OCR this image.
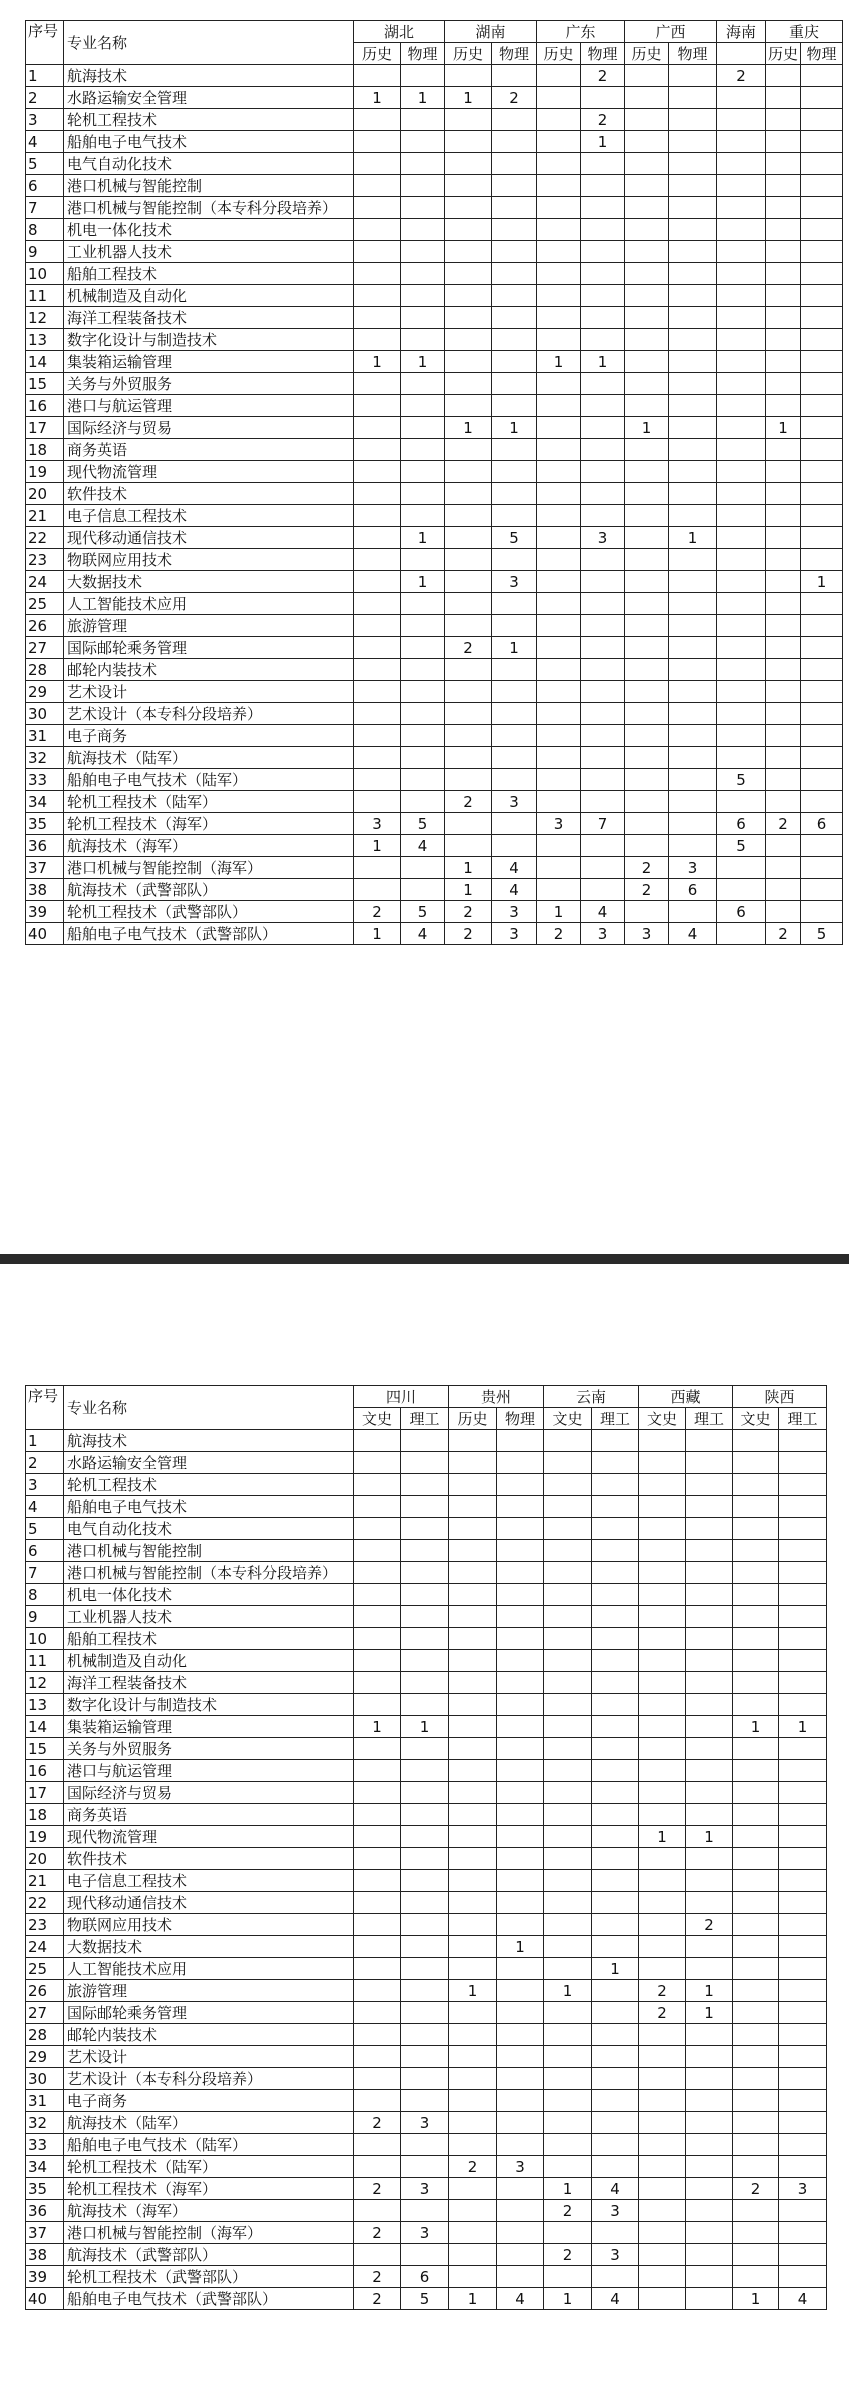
序号	专业名称	湖北		湖南		广东		广西		海南	重庆	
		历史	物理	历史	物理	历史	物理	历史	物理		历史	物理
1	航海技术						2			2		
2	水路运输安全管理	1	1	1	2							
3	轮机工程技术						2					
4	船舶电子电气技术						1					
5	电气自动化技术											
6	港口机械与智能控制											
7	港口机械与智能控制（本专科分段培养）											
8	机电一体化技术											
9	工业机器人技术											
10	船舶工程技术											
11	机械制造及自动化											
12	海洋工程装备技术											
13	数字化设计与制造技术											
14	集装箱运输管理	1	1			1	1					
15	关务与外贸服务											
16	港口与航运管理											
17	国际经济与贸易			1	1			1			1	
18	商务英语											
19	现代物流管理											
20	软件技术											
21	电子信息工程技术											
22	现代移动通信技术		1		5		3		1			
23	物联网应用技术											
24	大数据技术		1		3							1
25	人工智能技术应用											
26	旅游管理											
27	国际邮轮乘务管理			2	1							
28	邮轮内装技术											
29	艺术设计											
30	艺术设计（本专科分段培养）											
31	电子商务											
32	航海技术（陆军）											
33	船舶电子电气技术（陆军）									5		
34	轮机工程技术（陆军）			2	3							
35	轮机工程技术（海军）	3	5			3	7			6	2	6
36	航海技术（海军）	1	4							5		
37	港口机械与智能控制（海军）			1	4			2	3			
38	航海技术（武警部队）			1	4			2	6			
39	轮机工程技术（武警部队）	2	5	2	3	1	4			6		
40	船舶电子电气技术（武警部队）	1	4	2	3	2	3	3	4		2	5
序号	专业名称	四川		贵州		云南		西藏		陕西	
		文史	理工	历史	物理	文史	理工	文史	理工	文史	理工
1	航海技术										
2	水路运输安全管理										
3	轮机工程技术										
4	船舶电子电气技术										
5	电气自动化技术										
6	港口机械与智能控制										
7	港口机械与智能控制（本专科分段培养）										
8	机电一体化技术										
9	工业机器人技术										
10	船舶工程技术										
11	机械制造及自动化										
12	海洋工程装备技术										
13	数字化设计与制造技术										
14	集装箱运输管理	1	1							1	1
15	关务与外贸服务										
16	港口与航运管理										
17	国际经济与贸易										
18	商务英语										
19	现代物流管理							1	1		
20	软件技术										
21	电子信息工程技术										
22	现代移动通信技术										
23	物联网应用技术								2		
24	大数据技术				1						
25	人工智能技术应用						1				
26	旅游管理			1		1		2	1		
27	国际邮轮乘务管理							2	1		
28	邮轮内装技术										
29	艺术设计										
30	艺术设计（本专科分段培养）										
31	电子商务										
32	航海技术（陆军）	2	3								
33	船舶电子电气技术（陆军）										
34	轮机工程技术（陆军）			2	3						
35	轮机工程技术（海军）	2	3			1	4			2	3
36	航海技术（海军）					2	3				
37	港口机械与智能控制（海军）	2	3								
38	航海技术（武警部队）					2	3				
39	轮机工程技术（武警部队）	2	6								
40	船舶电子电气技术（武警部队）	2	5	1	4	1	4			1	4
